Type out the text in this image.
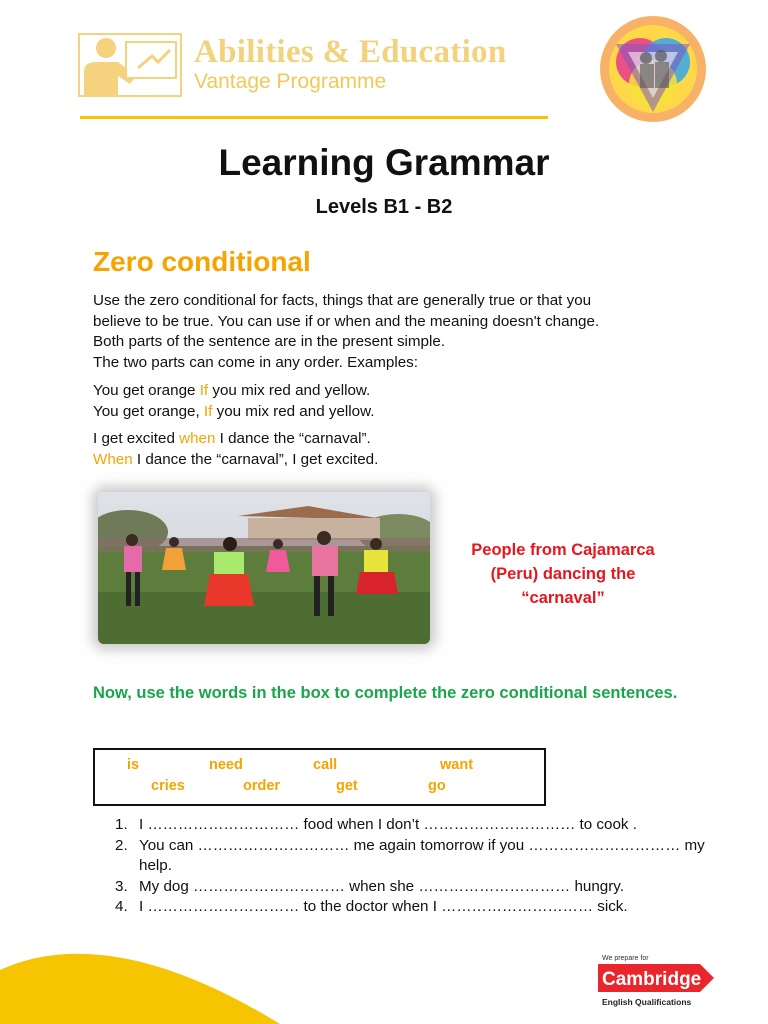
Abilities & Education
Vantage Programme
Learning Grammar
Levels B1 - B2
Zero conditional
Use the zero conditional for facts, things that are generally true or that you
believe to be true. You can use if or when and the meaning doesn't change.
Both parts of the sentence are in the present simple.
The two parts can come in any order. Examples:
You get orange If you mix red and yellow.
You get orange, If you mix red and yellow.
I get excited when I dance the “carnaval”.
When I dance the “carnaval”, I get excited.
People from Cajamarca (Peru) dancing the “carnaval”
Now, use the words in the box to complete the zero conditional sentences.
is	need	call	want
cries	order	get	go
1. I ………………………… food when I don’t ………………………… to cook .
2. You can ………………………… me again tomorrow if you ………………………… my help.
3. My dog ………………………… when she ………………………… hungry.
4. I ………………………… to the doctor when I ………………………… sick.
We prepare for
Cambridge
English Qualifications
